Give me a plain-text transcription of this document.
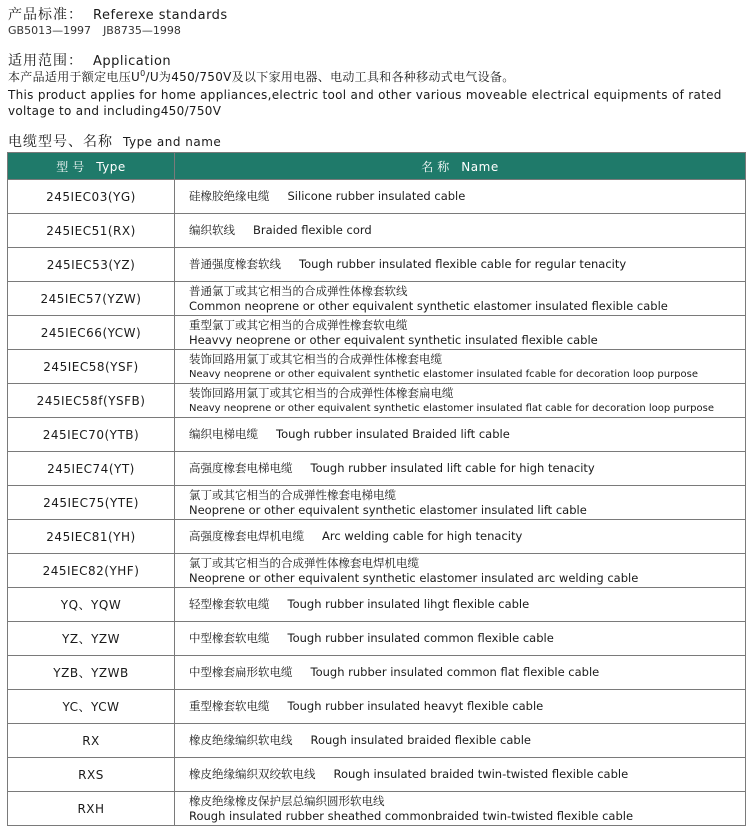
产品标准： Referexe standards
GB5013—1997 JB8735—1998
适用范围： Application
本产品适用于额定电压$U^0/U$为450/750V及以下家用电器、电动工具和各种移动式电气设备。
This product applies for home appliances,electric tool and other various moveable electrical equipments of rated voltage to and including450/750V
电缆型号、名称 Type and name
型号 Type	名称 Name
245IEC03(YG)	硅橡胶绝缘电缆 Silicone rubber insulated cable
245IEC51(RX)	编织软线 Braided flexible cord
245IEC53(YZ)	普通强度橡套软线 Tough rubber insulated flexible cable for regular tenacity
245IEC57(YZW)	普通氯丁或其它相当的合成弹性体橡套软线
Common neoprene or other equivalent synthetic elastomer insulated flexible cable

245IEC66(YCW)	重型氯丁或其它相当的合成弹性橡套软电缆
Heavvy neoprene or other equivalent synthetic insulated flexible cable

245IEC58(YSF)	装饰回路用氯丁或其它相当的合成弹性体橡套电缆
Neavy neoprene or other equivalent synthetic elastomer insulated fcable for decoration loop purpose

245IEC58f(YSFB)	装饰回路用氯丁或其它相当的合成弹性体橡套扁电缆
Neavy neoprene or other equivalent synthetic elastomer insulated flat cable for decoration loop purpose

245IEC70(YTB)	编织电梯电缆 Tough rubber insulated Braided lift cable
245IEC74(YT)	高强度橡套电梯电缆 Tough rubber insulated lift cable for high tenacity
245IEC75(YTE)	氯丁或其它相当的合成弹性橡套电梯电缆
Neoprene or other equivalent synthetic elastomer insulated lift cable

245IEC81(YH)	高强度橡套电焊机电缆 Arc welding cable for high tenacity
245IEC82(YHF)	氯丁或其它相当的合成弹性体橡套电焊机电缆
Neoprene or other equivalent synthetic elastomer insulated arc welding cable

YQ、YQW	轻型橡套软电缆 Tough rubber insulated lihgt flexible cable
YZ、YZW	中型橡套软电缆 Tough rubber insulated common flexible cable
YZB、YZWB	中型橡套扁形软电缆 Tough rubber insulated common flat flexible cable
YC、YCW	重型橡套软电缆 Tough rubber insulated heavyt flexible cable
RX	橡皮绝缘编织软电线 Rough insulated braided flexible cable
RXS	橡皮绝缘编织双绞软电线 Rough insulated braided twin-twisted flexible cable
RXH	橡皮绝缘橡皮保护层总编织圆形软电线
Rough insulated rubber sheathed commonbraided twin-twisted flexible cable
